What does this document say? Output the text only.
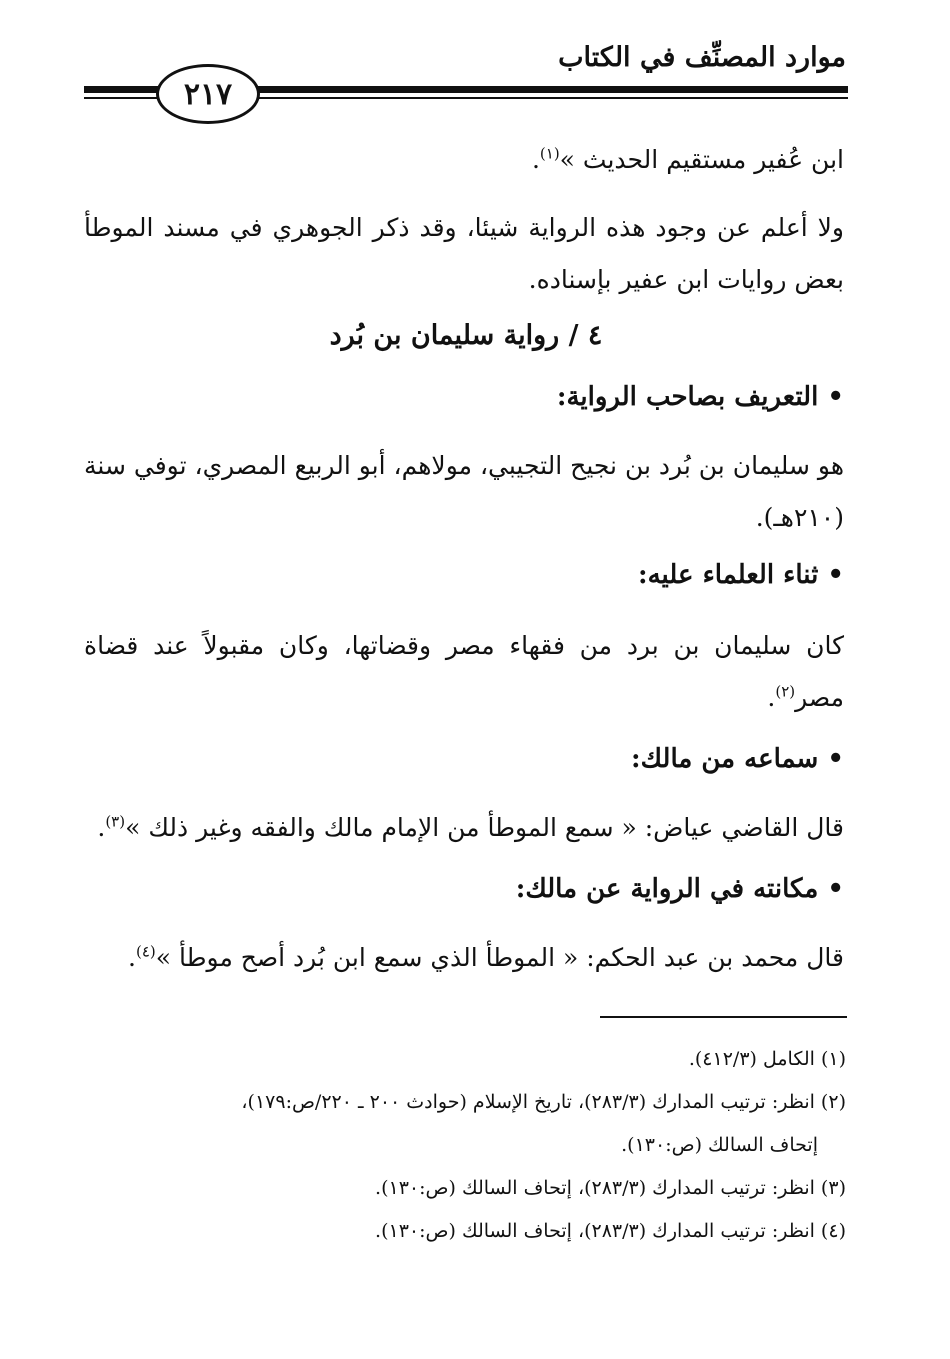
موارد المصنِّف في الكتاب
٢١٧
ابن عُفير مستقيم الحديث »$^{(١)}$.
ولا أعلم عن وجود هذه الرواية شيئا، وقد ذكر الجوهري في مسند الموطأ بعض روايات ابن عفير بإسناده.
٤ / رواية سليمان بن بُرد
• التعريف بصاحب الرواية:
هو سليمان بن بُرد بن نجيح التجيبي، مولاهم، أبو الربيع المصري، توفي سنة (٢١٠هـ).
• ثناء العلماء عليه:
كان سليمان بن برد من فقهاء مصر وقضاتها، وكان مقبولاً عند قضاة مصر$^{(٢)}$.
• سماعه من مالك:
قال القاضي عياض: « سمع الموطأ من الإمام مالك والفقه وغير ذلك »$^{(٣)}$.
• مكانته في الرواية عن مالك:
قال محمد بن عبد الحكم: « الموطأ الذي سمع ابن بُرد أصح موطأ »$^{(٤)}$.
(١) الكامل (٤١٢/٣).
(٢) انظر: ترتيب المدارك (٢٨٣/٣)، تاريخ الإسلام (حوادث ٢٠٠ ـ ٢٢٠/ص:١٧٩)،
إتحاف السالك (ص:١٣٠).
(٣) انظر: ترتيب المدارك (٢٨٣/٣)، إتحاف السالك (ص:١٣٠).
(٤) انظر: ترتيب المدارك (٢٨٣/٣)، إتحاف السالك (ص:١٣٠).
